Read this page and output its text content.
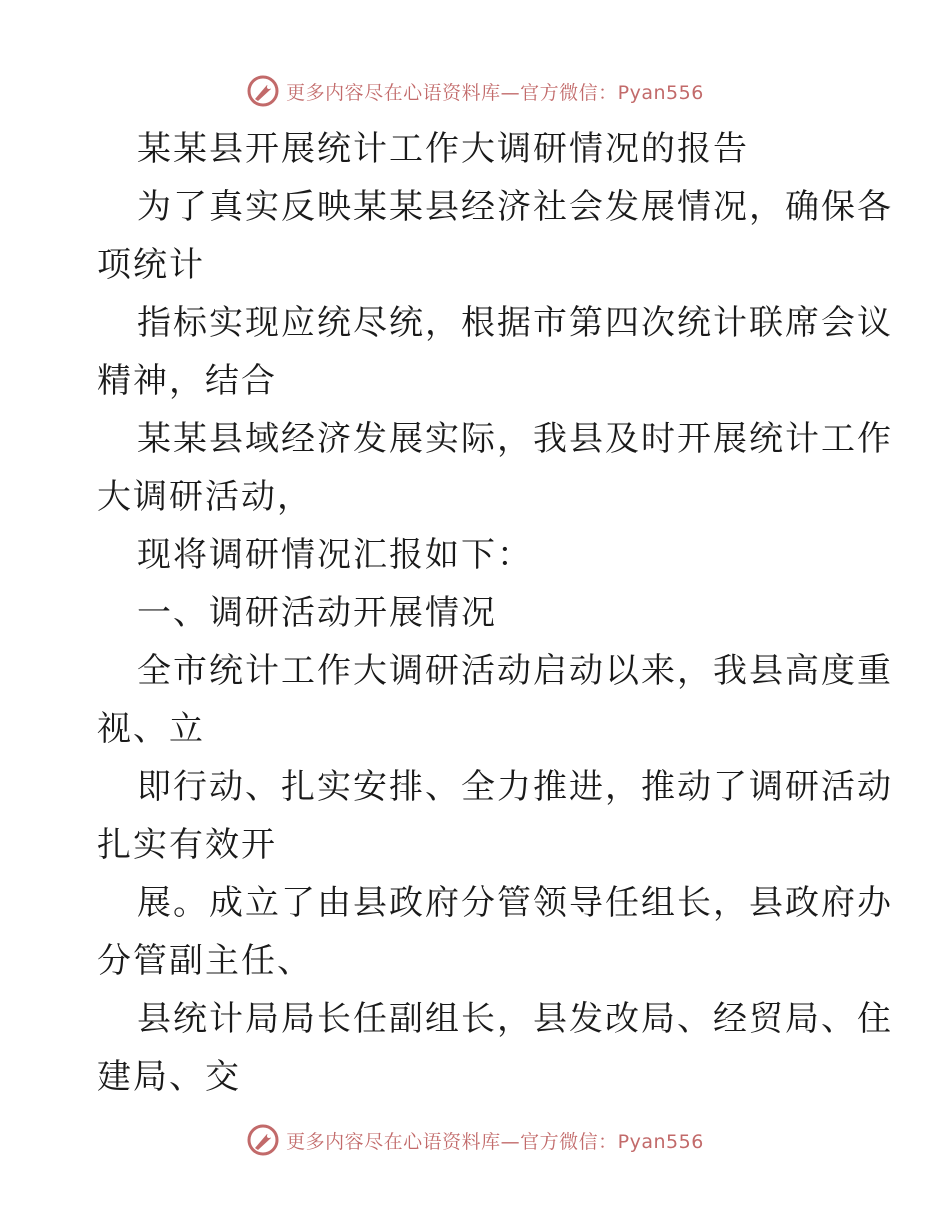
更多内容尽在心语资料库—官方微信：Pyan556
某某县开展统计工作大调研情况的报告
为了真实反映某某县经济社会发展情况，确保各
项统计
指标实现应统尽统，根据市第四次统计联席会议
精神，结合
某某县域经济发展实际，我县及时开展统计工作
大调研活动，
现将调研情况汇报如下：
一、调研活动开展情况
全市统计工作大调研活动启动以来，我县高度重
视、立
即行动、扎实安排、全力推进，推动了调研活动
扎实有效开
展。成立了由县政府分管领导任组长，县政府办
分管副主任、
县统计局局长任副组长，县发改局、经贸局、住
建局、交
更多内容尽在心语资料库—官方微信：Pyan556
